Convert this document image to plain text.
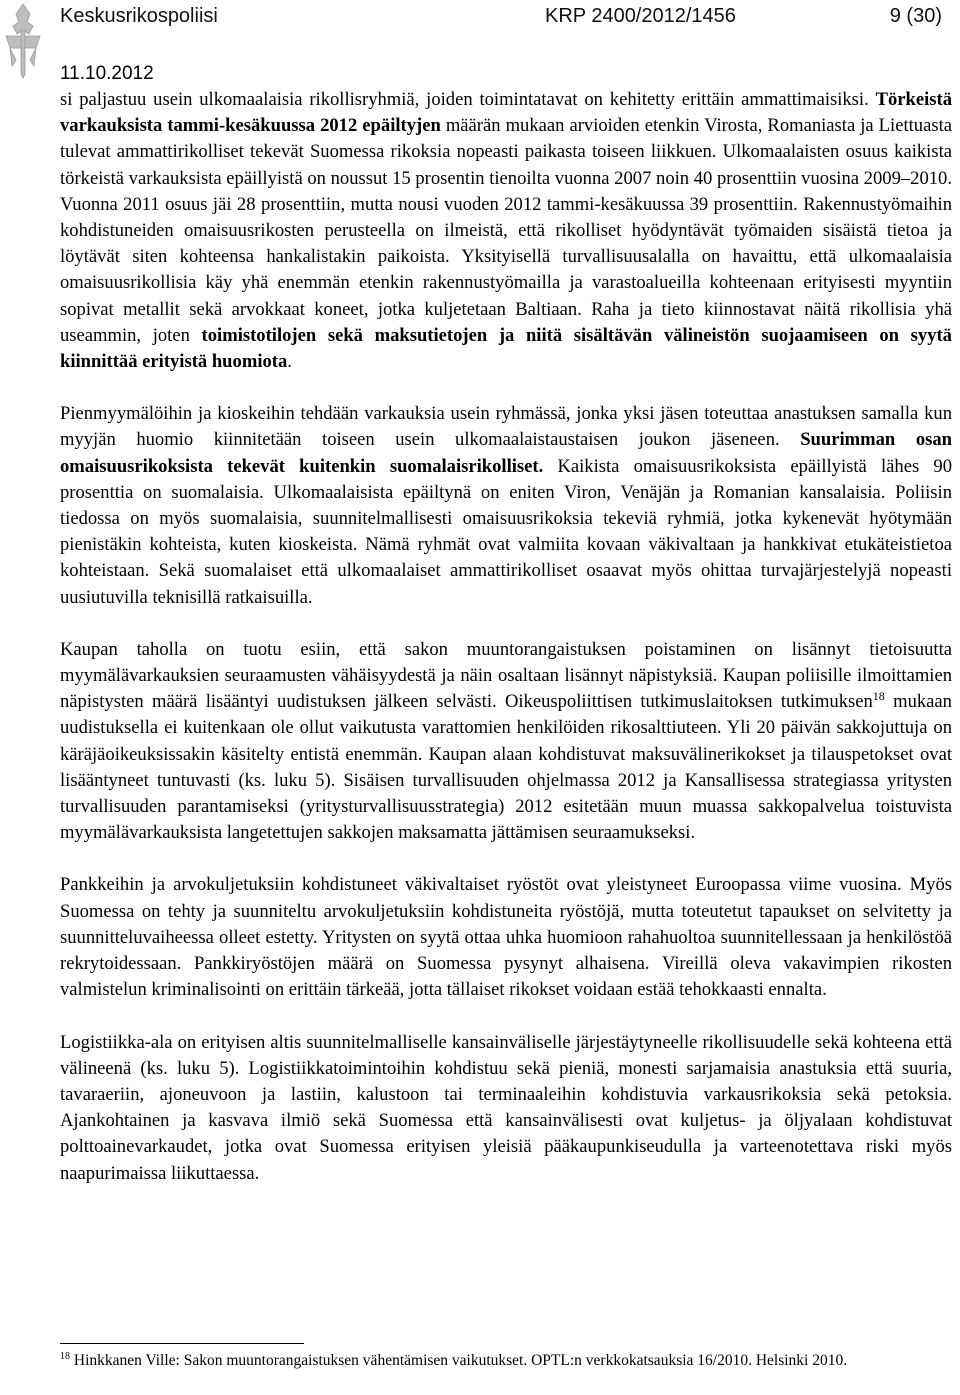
Keskusrikospoliisi	KRP 2400/2012/1456	9 (30)
11.10.2012

si paljastuu usein ulkomaalaisia rikollisryhmiä, joiden toimintatavat on kehitetty erittäin ammattimaisiksi. Törkeistä varkauksista tammi-kesäkuussa 2012 epäiltyjen määrän mukaan arvioiden etenkin Virosta, Romaniasta ja Liettuasta tulevat ammattirikolliset tekevät Suomessa rikoksia nopeasti paikasta toiseen liikkuen. Ulkomaalaisten osuus kaikista törkeistä varkauksista epäillyistä on noussut 15 prosentin tienoilta vuonna 2007 noin 40 prosenttiin vuosina 2009–2010. Vuonna 2011 osuus jäi 28 prosenttiin, mutta nousi vuoden 2012 tammi-kesäkuussa 39 prosenttiin. Rakennustyömaihin kohdistuneiden omaisuusrikosten perusteella on ilmeistä, että rikolliset hyödyntävät työmaiden sisäistä tietoa ja löytävät siten kohteensa hankalistakin paikoista. Yksityisellä turvallisuusalalla on havaittu, että ulkomaalaisia omaisuusrikollisia käy yhä enemmän etenkin rakennustyömailla ja varastoalueilla kohteenaan erityisesti myyntiin sopivat metallit sekä arvokkaat koneet, jotka kuljetetaan Baltiaan. Raha ja tieto kiinnostavat näitä rikollisia yhä useammin, joten toimistotilojen sekä maksutietojen ja niitä sisältävän välineistön suojaamiseen on syytä kiinnittää erityistä huomiota.

Pienmyymälöihin ja kioskeihin tehdään varkauksia usein ryhmässä, jonka yksi jäsen toteuttaa anastuksen samalla kun myyjän huomio kiinnitetään toiseen usein ulkomaalaistaustaisen joukon jäseneen. Suurimman osan omaisuusrikoksista tekevät kuitenkin suomalaisrikolliset. Kaikista omaisuusrikoksista epäillyistä lähes 90 prosenttia on suomalaisia. Ulkomaalaisista epäiltynä on eniten Viron, Venäjän ja Romanian kansalaisia. Poliisin tiedossa on myös suomalaisia, suunnitelmallisesti omaisuusrikoksia tekeviä ryhmiä, jotka kykenevät hyötymään pienistäkin kohteista, kuten kioskeista. Nämä ryhmät ovat valmiita kovaan väkivaltaan ja hankkivat etukäteistietoa kohteistaan. Sekä suomalaiset että ulkomaalaiset ammattirikolliset osaavat myös ohittaa turvajärjestelyjä nopeasti uusiutuvilla teknisillä ratkaisuilla.

Kaupan taholla on tuotu esiin, että sakon muuntorangaistuksen poistaminen on lisännyt tietoisuutta myymälävarkauksien seuraamusten vähäisyydestä ja näin osaltaan lisännyt näpistyksiä. Kaupan poliisille ilmoittamien näpistysten määrä lisääntyi uudistuksen jälkeen selvästi. Oikeuspoliittisen tutkimuslaitoksen tutkimuksen$^{18}$ mukaan uudistuksella ei kuitenkaan ole ollut vaikutusta varattomien henkilöiden rikosalttiuteen. Yli 20 päivän sakkojuttuja on käräjäoikeuksissakin käsitelty entistä enemmän. Kaupan alaan kohdistuvat maksuvälinerikokset ja tilauspetokset ovat lisääntyneet tuntuvasti (ks. luku 5). Sisäisen turvallisuuden ohjelmassa 2012 ja Kansallisessa strategiassa yritysten turvallisuuden parantamiseksi (yritysturvallisuusstrategia) 2012 esitetään muun muassa sakkopalvelua toistuvista myymälävarkauksista langetettujen sakkojen maksamatta jättämisen seuraamukseksi.

Pankkeihin ja arvokuljetuksiin kohdistuneet väkivaltaiset ryöstöt ovat yleistyneet Euroopassa viime vuosina. Myös Suomessa on tehty ja suunniteltu arvokuljetuksiin kohdistuneita ryöstöjä, mutta toteutetut tapaukset on selvitetty ja suunnitteluvaiheessa olleet estetty. Yritysten on syytä ottaa uhka huomioon rahahuoltoa suunnitellessaan ja henkilöstöä rekrytoidessaan. Pankkiryöstöjen määrä on Suomessa pysynyt alhaisena. Vireillä oleva vakavimpien rikosten valmistelun kriminalisointi on erittäin tärkeää, jotta tällaiset rikokset voidaan estää tehokkaasti ennalta.

Logistiikka-ala on erityisen altis suunnitelmalliselle kansainväliselle järjestäytyneelle rikollisuudelle sekä kohteena että välineenä (ks. luku 5). Logistiikkatoimintoihin kohdistuu sekä pieniä, monesti sarjamaisia anastuksia että suuria, tavaraeriin, ajoneuvoon ja lastiin, kalustoon tai terminaaleihin kohdistuvia varkausrikoksia sekä petoksia. Ajankohtainen ja kasvava ilmiö sekä Suomessa että kansainvälisesti ovat kuljetus- ja öljyalaan kohdistuvat polttoainevarkaudet, jotka ovat Suomessa erityisen yleisiä pääkaupunkiseudulla ja varteenotettava riski myös naapurimaissa liikuttaessa.

$^{18}$ Hinkkanen Ville: Sakon muuntorangaistuksen vähentämisen vaikutukset. OPTL:n verkkokatsauksia 16/2010. Helsinki 2010.
